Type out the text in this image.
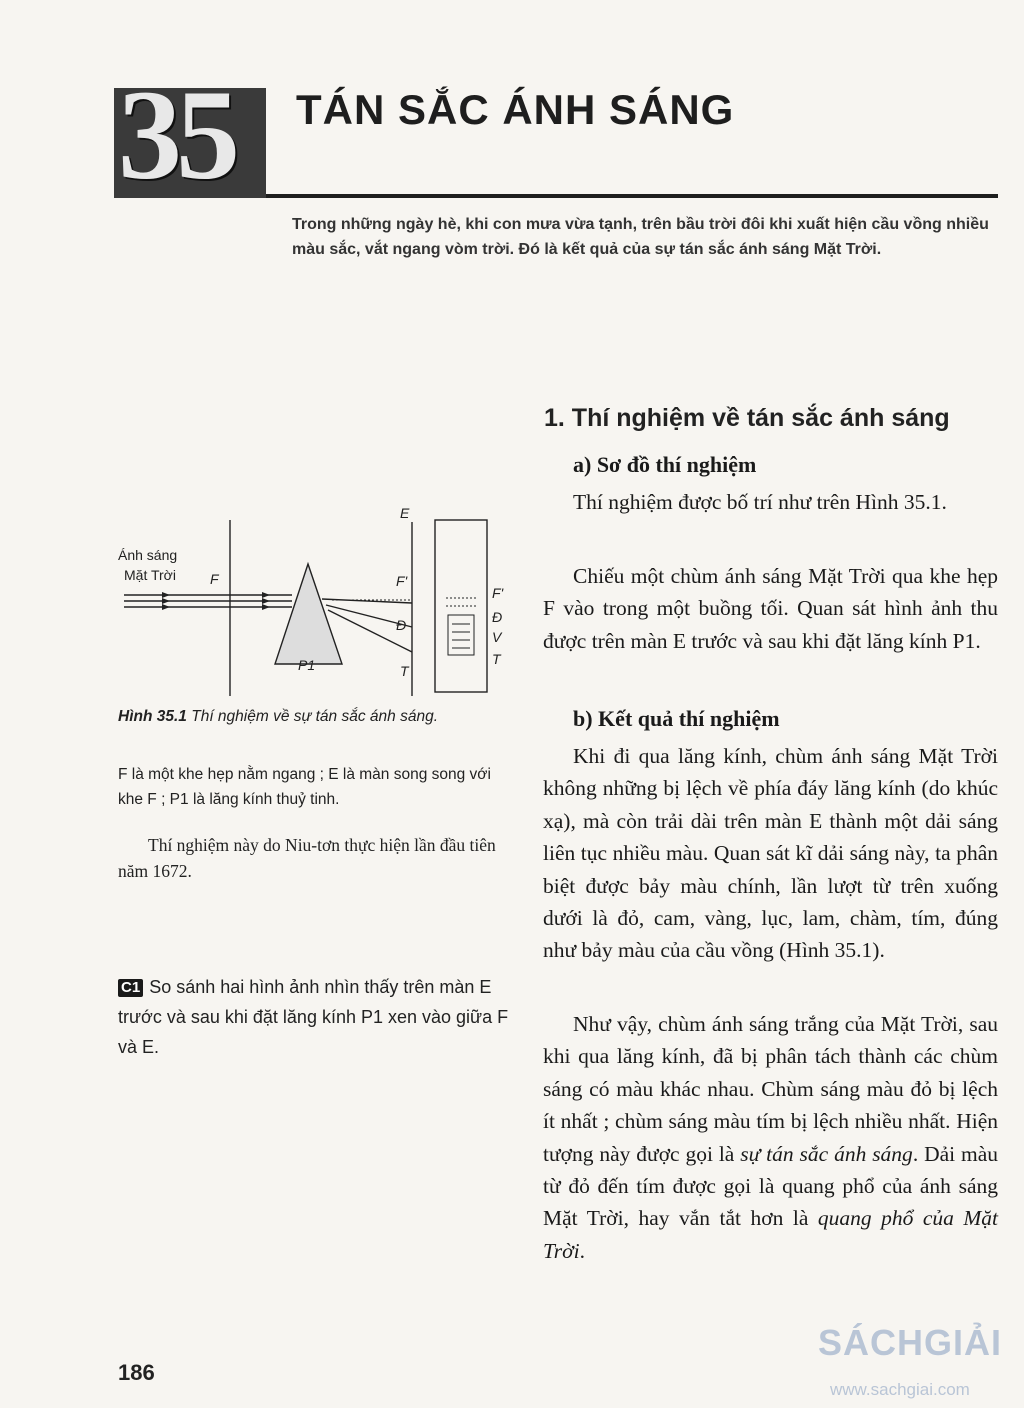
35	TÁN SẮC ÁNH SÁNG
Trong những ngày hè, khi con mưa vừa tạnh, trên bầu trời đôi khi xuất hiện cầu vồng nhiều màu sắc, vắt ngang vòm trời. Đó là kết quả của sự tán sắc ánh sáng Mặt Trời.
Ánh sáng
Mặt Trời F
E
P1
F'
Đ
T
F'
Đ
V
T
Hình 35.1 Thí nghiệm về sự tán sắc ánh sáng.
F là một khe hẹp nằm ngang ; E là màn song song với khe F ; P1 là lăng kính thuỷ tinh.
Thí nghiệm này do Niu-tơn thực hiện lần đầu tiên năm 1672.
C1 So sánh hai hình ảnh nhìn thấy trên màn E trước và sau khi đặt lăng kính P1 xen vào giữa F và E.
1. Thí nghiệm về tán sắc ánh sáng
a) Sơ đồ thí nghiệm
Thí nghiệm được bố trí như trên Hình 35.1.
Chiếu một chùm ánh sáng Mặt Trời qua khe hẹp F vào trong một buồng tối. Quan sát hình ảnh thu được trên màn E trước và sau khi đặt lăng kính P1.
b) Kết quả thí nghiệm
Khi đi qua lăng kính, chùm ánh sáng Mặt Trời không những bị lệch về phía đáy lăng kính (do khúc xạ), mà còn trải dài trên màn E thành một dải sáng liên tục nhiều màu. Quan sát kĩ dải sáng này, ta phân biệt được bảy màu chính, lần lượt từ trên xuống dưới là đỏ, cam, vàng, lục, lam, chàm, tím, đúng như bảy màu của cầu vồng (Hình 35.1).
Như vậy, chùm ánh sáng trắng của Mặt Trời, sau khi qua lăng kính, đã bị phân tách thành các chùm sáng có màu khác nhau. Chùm sáng màu đỏ bị lệch ít nhất ; chùm sáng màu tím bị lệch nhiều nhất. Hiện tượng này được gọi là sự tán sắc ánh sáng. Dải màu từ đỏ đến tím được gọi là quang phổ của ánh sáng Mặt Trời, hay vắn tắt hơn là quang phổ của Mặt Trời.
186
SÁCHGIẢI
www.sachgiai.com
